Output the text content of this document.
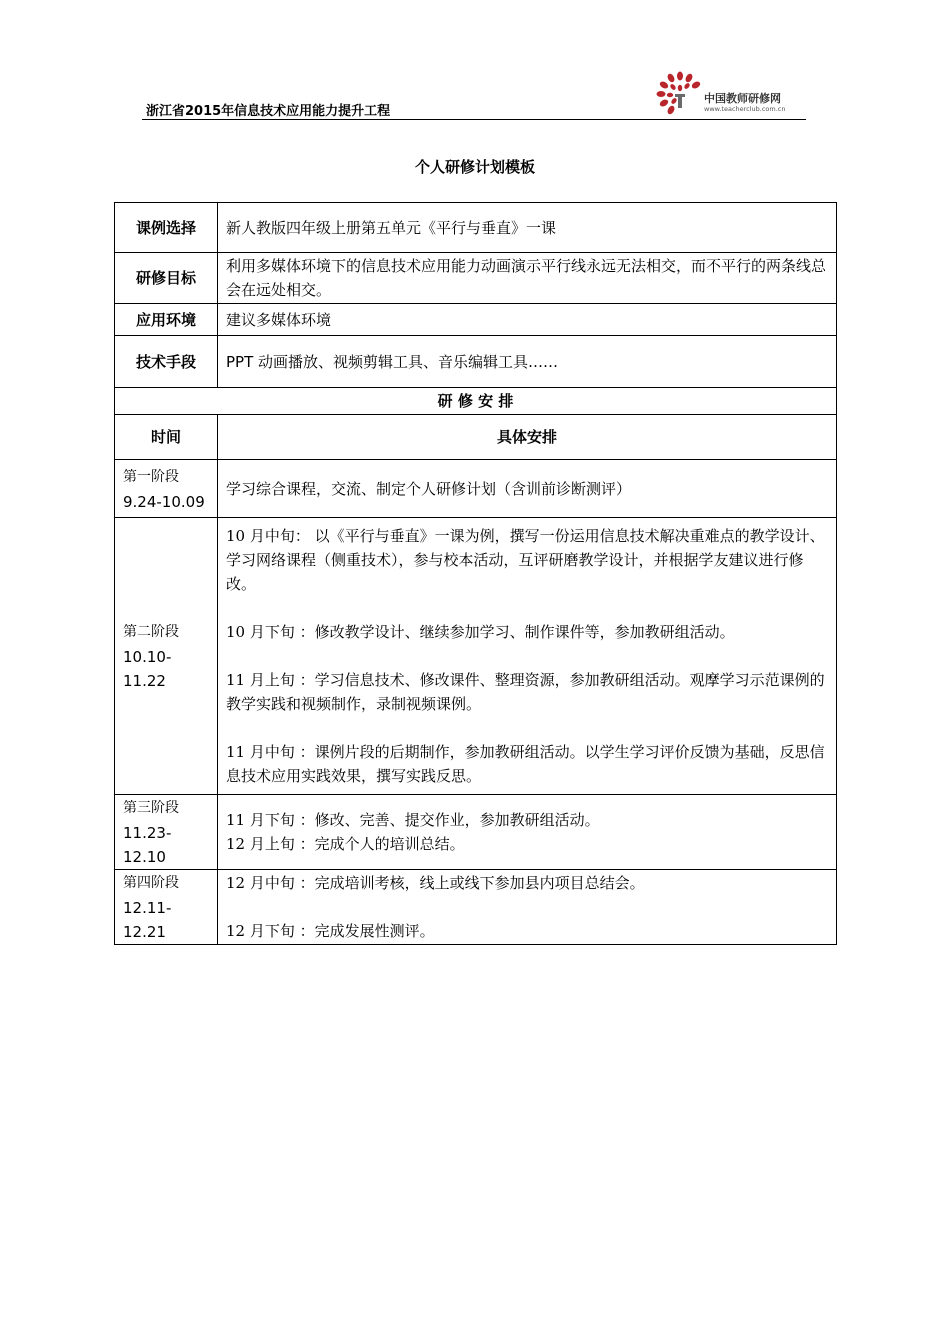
浙江省2015年信息技术应用能力提升工程
中国教师研修网
www.teacherclub.com.cn
个人研修计划模板
课例选择	新人教版四年级上册第五单元《平行与垂直》一课
研修目标	利用多媒体环境下的信息技术应用能力动画演示平行线永远无法相交，而不平行的两条线总会在远处相交。
应用环境	建议多媒体环境
技术手段	PPT 动画播放、视频剪辑工具、音乐编辑工具……
研 修 安 排	
时间	具体安排

第一阶段
9.24-10.09	学习综合课程，交流、制定个人研修计划（含训前诊断测评）

第二阶段
10.10-11.22	10 月中旬： 以《平行与垂直》一课为例，撰写一份运用信息技术解决重难点的教学设计、学习网络课程（侧重技术），参与校本活动，互评研磨教学设计，并根据学友建议进行修改。
10 月下旬 ：修改教学设计、继续参加学习、制作课件等，参加教研组活动。
11 月上旬 ：学习信息技术、修改课件、整理资源，参加教研组活动。观摩学习示范课例的教学实践和视频制作，录制视频课例。
11 月中旬 ：课例片段的后期制作，参加教研组活动。以学生学习评价反馈为基础，反思信息技术应用实践效果，撰写实践反思。

第三阶段
11.23-12.10	11 月下旬 ：修改、完善、提交作业，参加教研组活动。
12 月上旬 ：完成个人的培训总结。

第四阶段
12.11-12.21	12 月中旬 ：完成培训考核，线上或线下参加县内项目总结会。
12 月下旬 ：完成发展性测评。
